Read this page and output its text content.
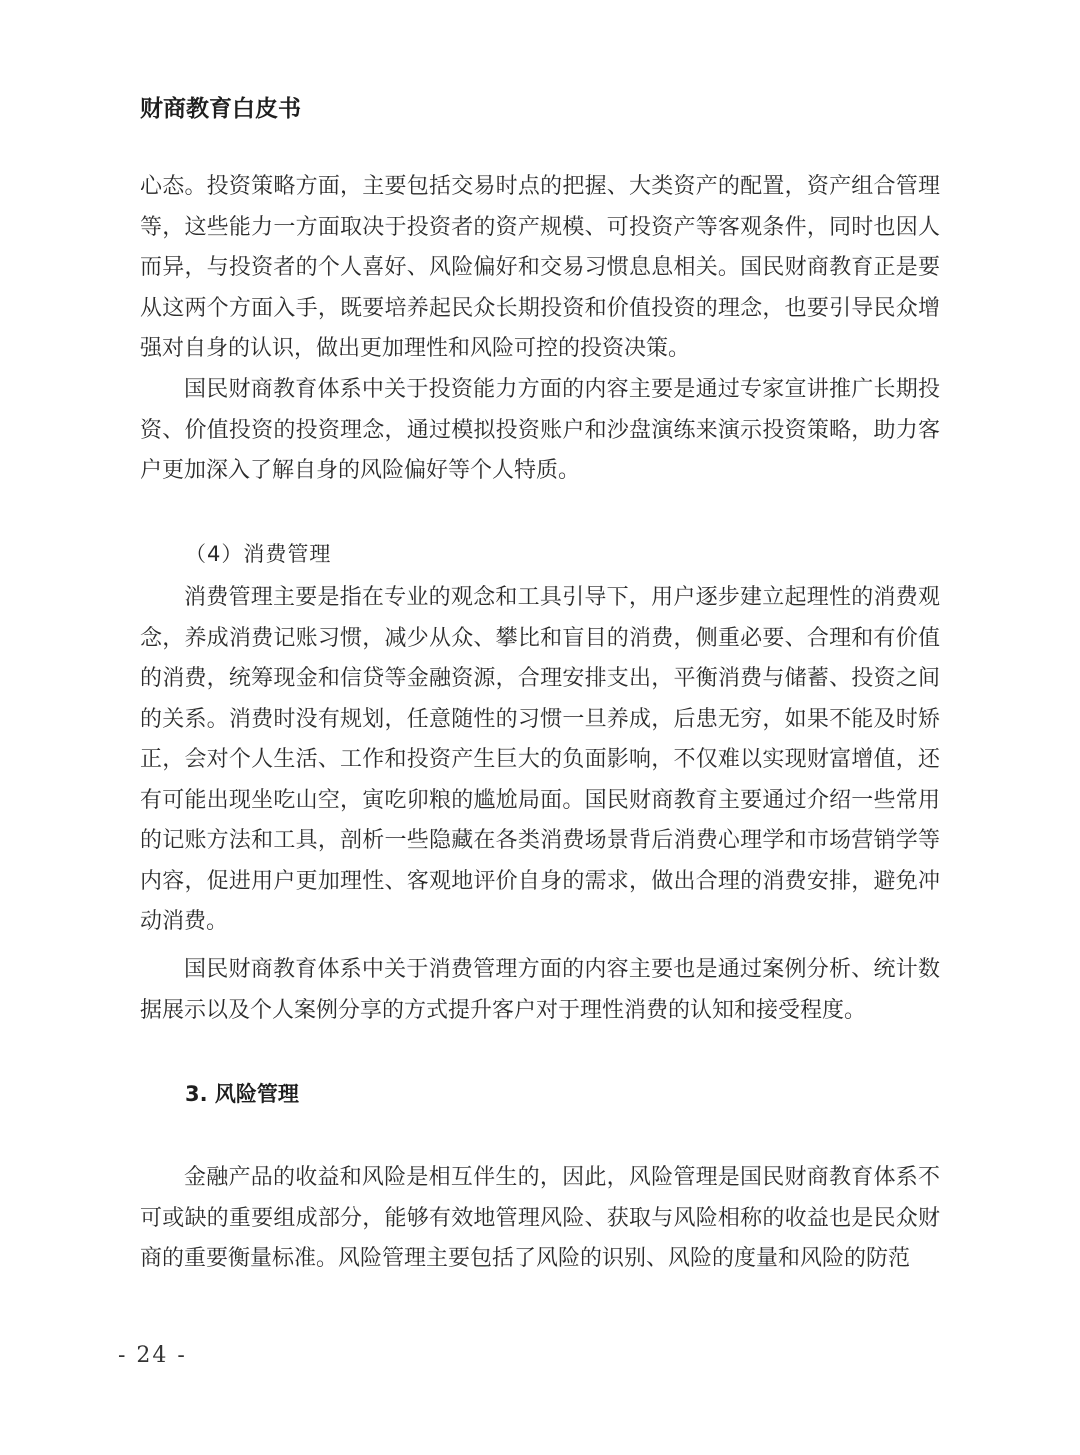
财商教育白皮书

心态。投资策略方面，主要包括交易时点的把握、大类资产的配置，资产组合管理等，这些能力一方面取决于投资者的资产规模、可投资产等客观条件，同时也因人而异，与投资者的个人喜好、风险偏好和交易习惯息息相关。国民财商教育正是要从这两个方面入手，既要培养起民众长期投资和价值投资的理念，也要引导民众增强对自身的认识，做出更加理性和风险可控的投资决策。

国民财商教育体系中关于投资能力方面的内容主要是通过专家宣讲推广长期投资、价值投资的投资理念，通过模拟投资账户和沙盘演练来演示投资策略，助力客户更加深入了解自身的风险偏好等个人特质。

（4）消费管理

消费管理主要是指在专业的观念和工具引导下，用户逐步建立起理性的消费观念，养成消费记账习惯，减少从众、攀比和盲目的消费，侧重必要、合理和有价值的消费，统筹现金和信贷等金融资源，合理安排支出，平衡消费与储蓄、投资之间的关系。消费时没有规划，任意随性的习惯一旦养成，后患无穷，如果不能及时矫正，会对个人生活、工作和投资产生巨大的负面影响，不仅难以实现财富增值，还有可能出现坐吃山空，寅吃卯粮的尴尬局面。国民财商教育主要通过介绍一些常用的记账方法和工具，剖析一些隐藏在各类消费场景背后消费心理学和市场营销学等内容，促进用户更加理性、客观地评价自身的需求，做出合理的消费安排，避免冲动消费。

国民财商教育体系中关于消费管理方面的内容主要也是通过案例分析、统计数据展示以及个人案例分享的方式提升客户对于理性消费的认知和接受程度。

3. 风险管理

金融产品的收益和风险是相互伴生的，因此，风险管理是国民财商教育体系不可或缺的重要组成部分，能够有效地管理风险、获取与风险相称的收益也是民众财商的重要衡量标准。风险管理主要包括了风险的识别、风险的度量和风险的防范

- 24 -
